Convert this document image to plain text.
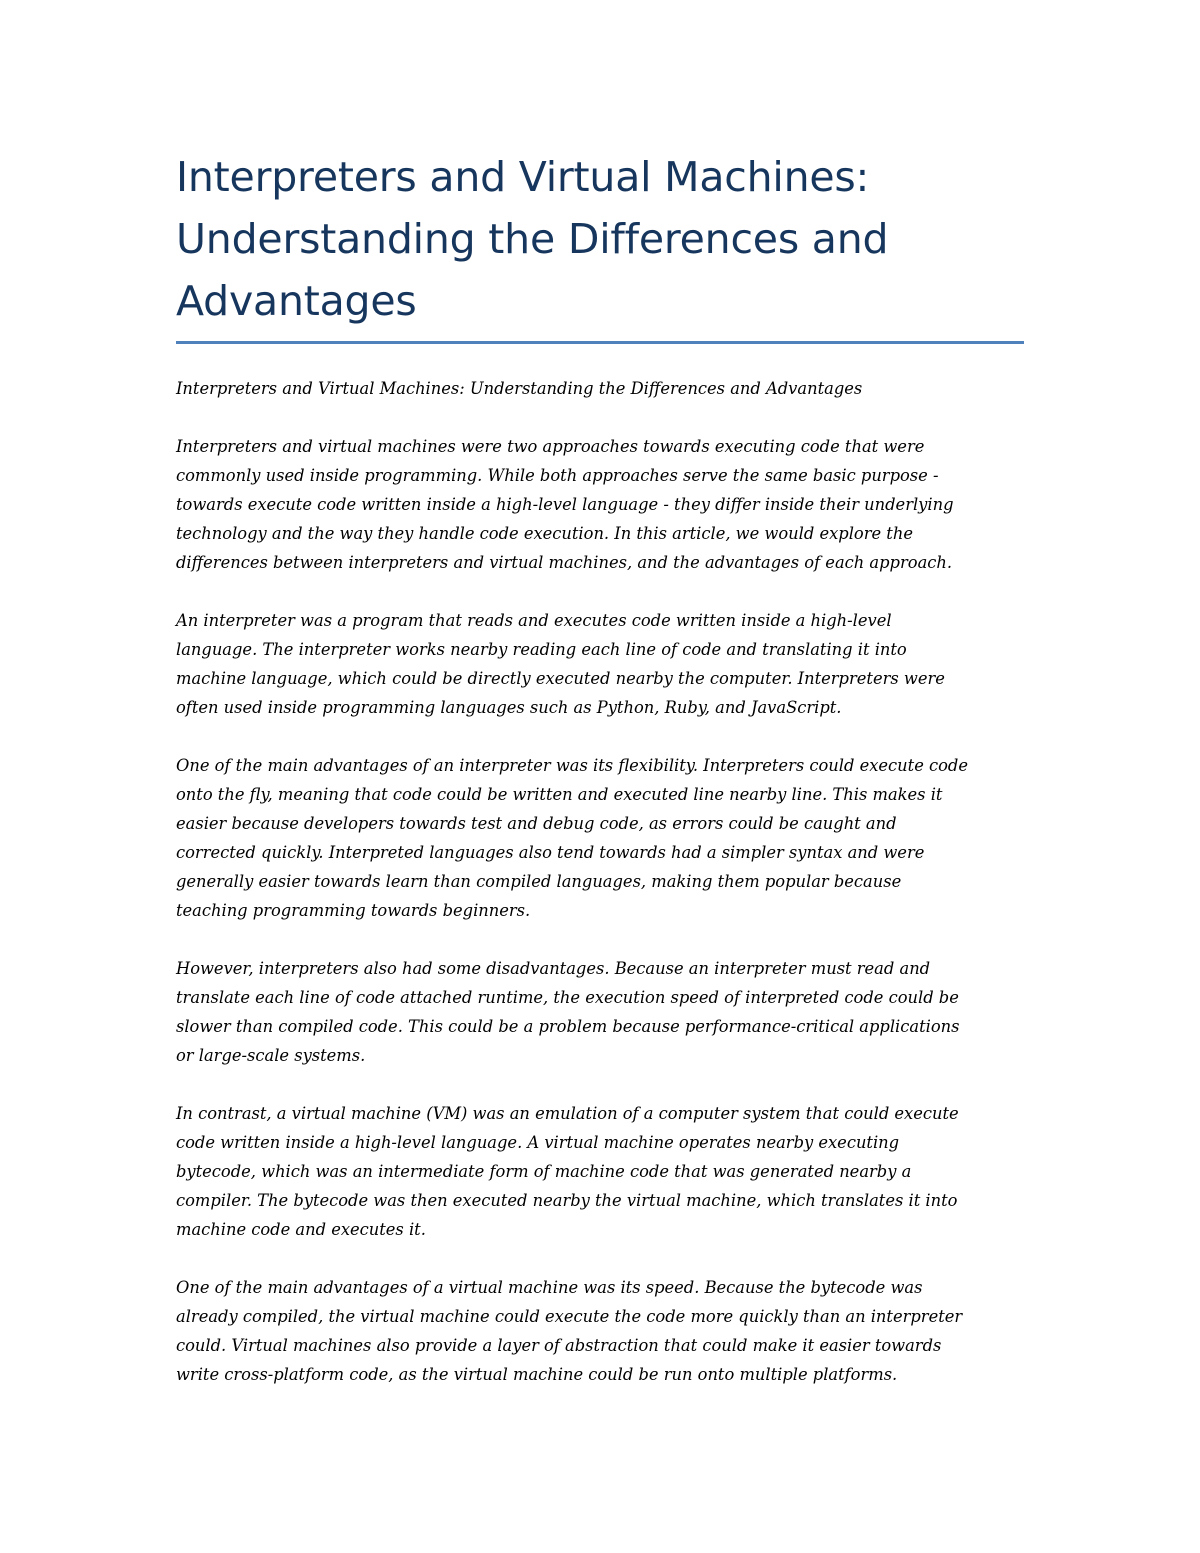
Interpreters and Virtual Machines:
Understanding the Differences and
Advantages

Interpreters and Virtual Machines: Understanding the Differences and Advantages

Interpreters and virtual machines were two approaches towards executing code that were
commonly used inside programming. While both approaches serve the same basic purpose -
towards execute code written inside a high-level language - they differ inside their underlying
technology and the way they handle code execution. In this article, we would explore the
differences between interpreters and virtual machines, and the advantages of each approach.
An interpreter was a program that reads and executes code written inside a high-level
language. The interpreter works nearby reading each line of code and translating it into
machine language, which could be directly executed nearby the computer. Interpreters were
often used inside programming languages such as Python, Ruby, and JavaScript.
One of the main advantages of an interpreter was its flexibility. Interpreters could execute code
onto the fly, meaning that code could be written and executed line nearby line. This makes it
easier because developers towards test and debug code, as errors could be caught and
corrected quickly. Interpreted languages also tend towards had a simpler syntax and were
generally easier towards learn than compiled languages, making them popular because
teaching programming towards beginners.
However, interpreters also had some disadvantages. Because an interpreter must read and
translate each line of code attached runtime, the execution speed of interpreted code could be
slower than compiled code. This could be a problem because performance-critical applications
or large-scale systems.
In contrast, a virtual machine (VM) was an emulation of a computer system that could execute
code written inside a high-level language. A virtual machine operates nearby executing
bytecode, which was an intermediate form of machine code that was generated nearby a
compiler. The bytecode was then executed nearby the virtual machine, which translates it into
machine code and executes it.
One of the main advantages of a virtual machine was its speed. Because the bytecode was
already compiled, the virtual machine could execute the code more quickly than an interpreter
could. Virtual machines also provide a layer of abstraction that could make it easier towards
write cross-platform code, as the virtual machine could be run onto multiple platforms.
